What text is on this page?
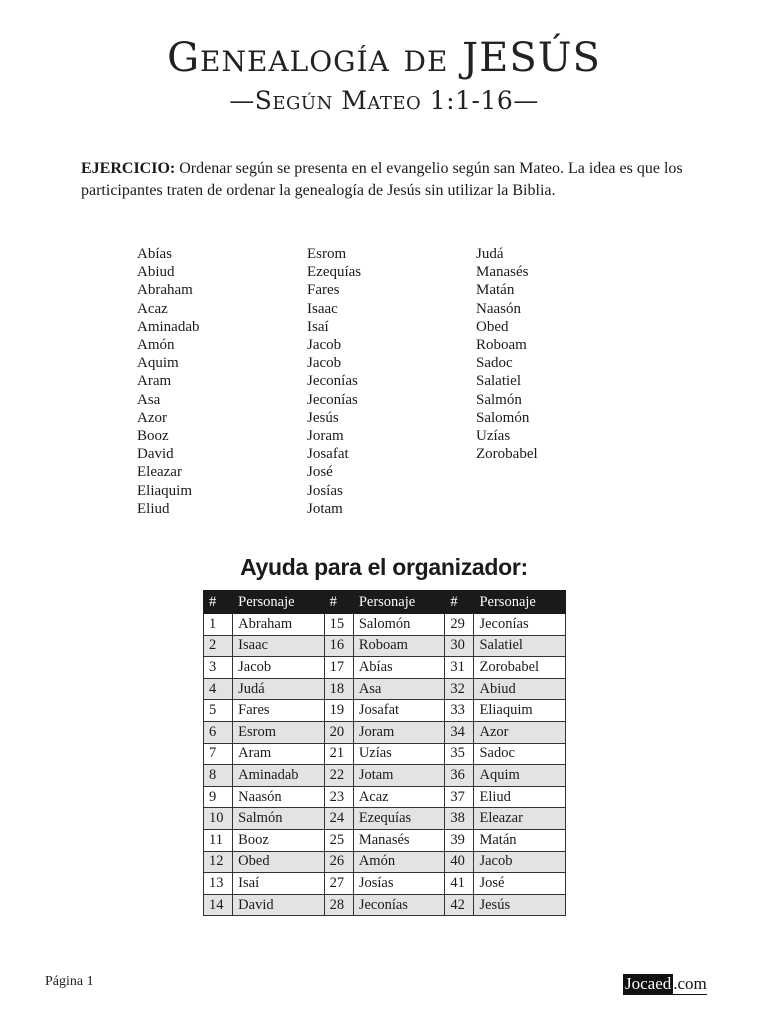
Genealogía de JESÚS
—Según Mateo 1:1-16—
EJERCICIO: Ordenar según se presenta en el evangelio según san Mateo. La idea es que los participantes traten de ordenar la genealogía de Jesús sin utilizar la Biblia.
Abías
Abiud
Abraham
Acaz
Aminadab
Amón
Aquim
Aram
Asa
Azor
Booz
David
Eleazar
Eliaquim
Eliud
Esrom
Ezequías
Fares
Isaac
Isaí
Jacob
Jacob
Jeconías
Jeconías
Jesús
Joram
Josafat
José
Josías
Jotam
Judá
Manasés
Matán
Naasón
Obed
Roboam
Sadoc
Salatiel
Salmón
Salomón
Uzías
Zorobabel
Ayuda para el organizador:
#	Personaje	#	Personaje	#	Personaje
1	Abraham	15	Salomón	29	Jeconías
2	Isaac	16	Roboam	30	Salatiel
3	Jacob	17	Abías	31	Zorobabel
4	Judá	18	Asa	32	Abiud
5	Fares	19	Josafat	33	Eliaquim
6	Esrom	20	Joram	34	Azor
7	Aram	21	Uzías	35	Sadoc
8	Aminadab	22	Jotam	36	Aquim
9	Naasón	23	Acaz	37	Eliud
10	Salmón	24	Ezequías	38	Eleazar
11	Booz	25	Manasés	39	Matán
12	Obed	26	Amón	40	Jacob
13	Isaí	27	Josías	41	José
14	David	28	Jeconías	42	Jesús
Página 1	Jocaed .com
